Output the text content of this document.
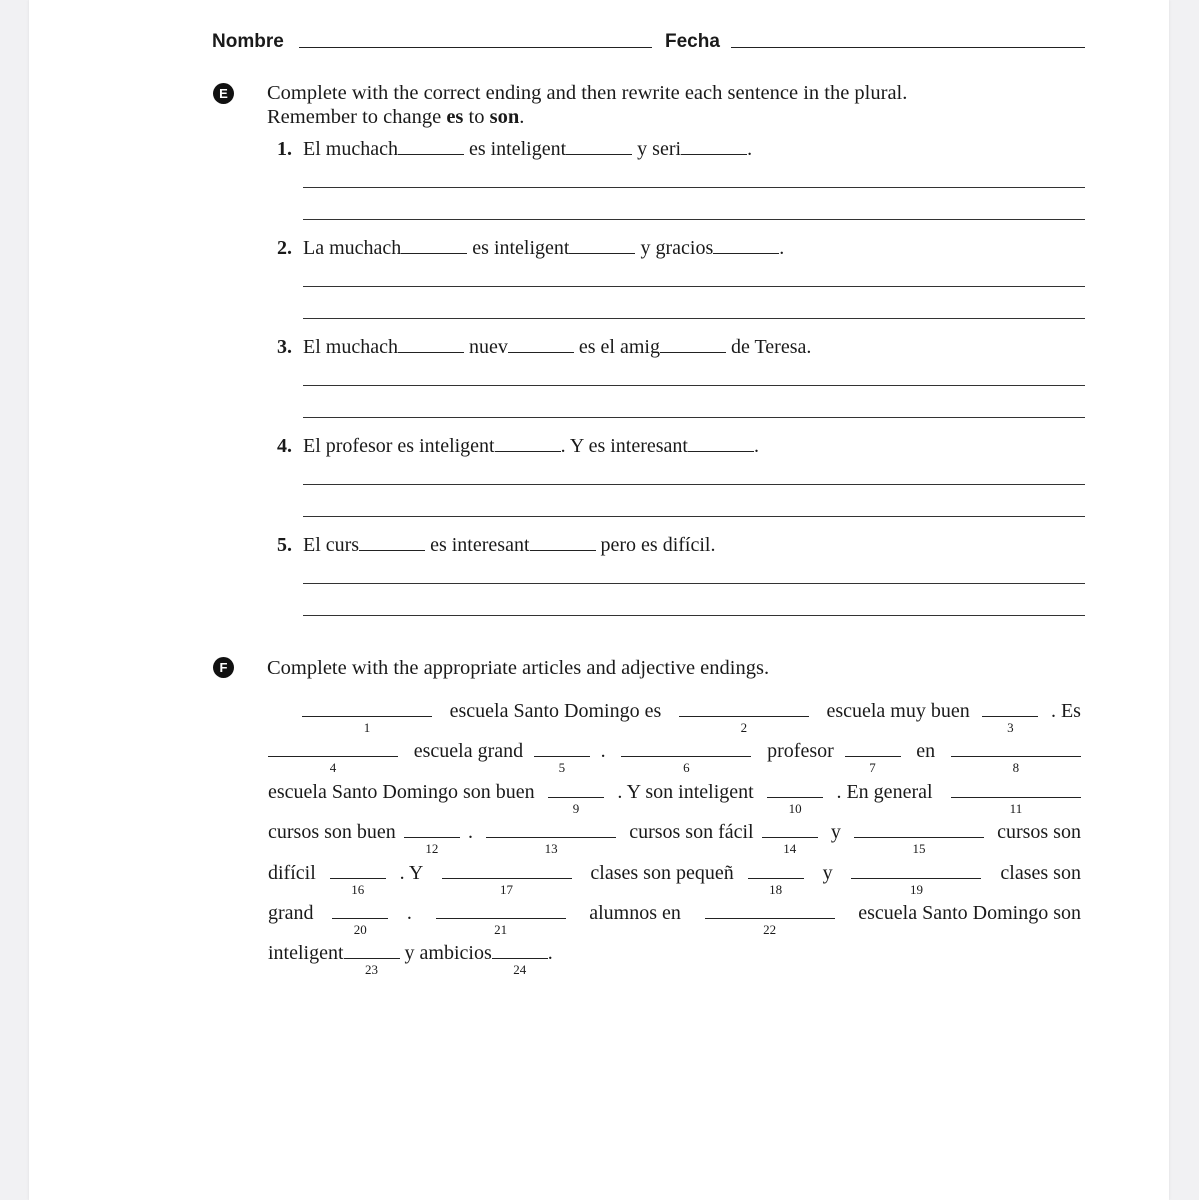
Nombre	Fecha
E	Complete with the correct ending and then rewrite each sentence in the plural.
Remember to change es to son.
1. El muchach	es inteligent	y seri	.
2. La muchach	es inteligent	y gracios	.
3. El muchach	nuev	es el amig	de Teresa.
4. El profesor es inteligent	. Y es interesant	.
5. El curs	es interesant	pero es difícil.
F	Complete with the appropriate articles and adjective endings.
1
escuela Santo Domingo es
2
escuela muy buen
3
. Es
4
escuela grand
5
.
6
profesor
7
en
8
escuela Santo Domingo son buen
9
. Y son inteligent
10
. En general
11
cursos son buen
12
.
13
cursos son fácil
14
y
15
cursos son
difícil
16
. Y
17
clases son pequeñ
18
y
19
clases son
grand
20
.
21
alumnos en
22
escuela Santo Domingo son
inteligent
23
y ambicios
24
.
